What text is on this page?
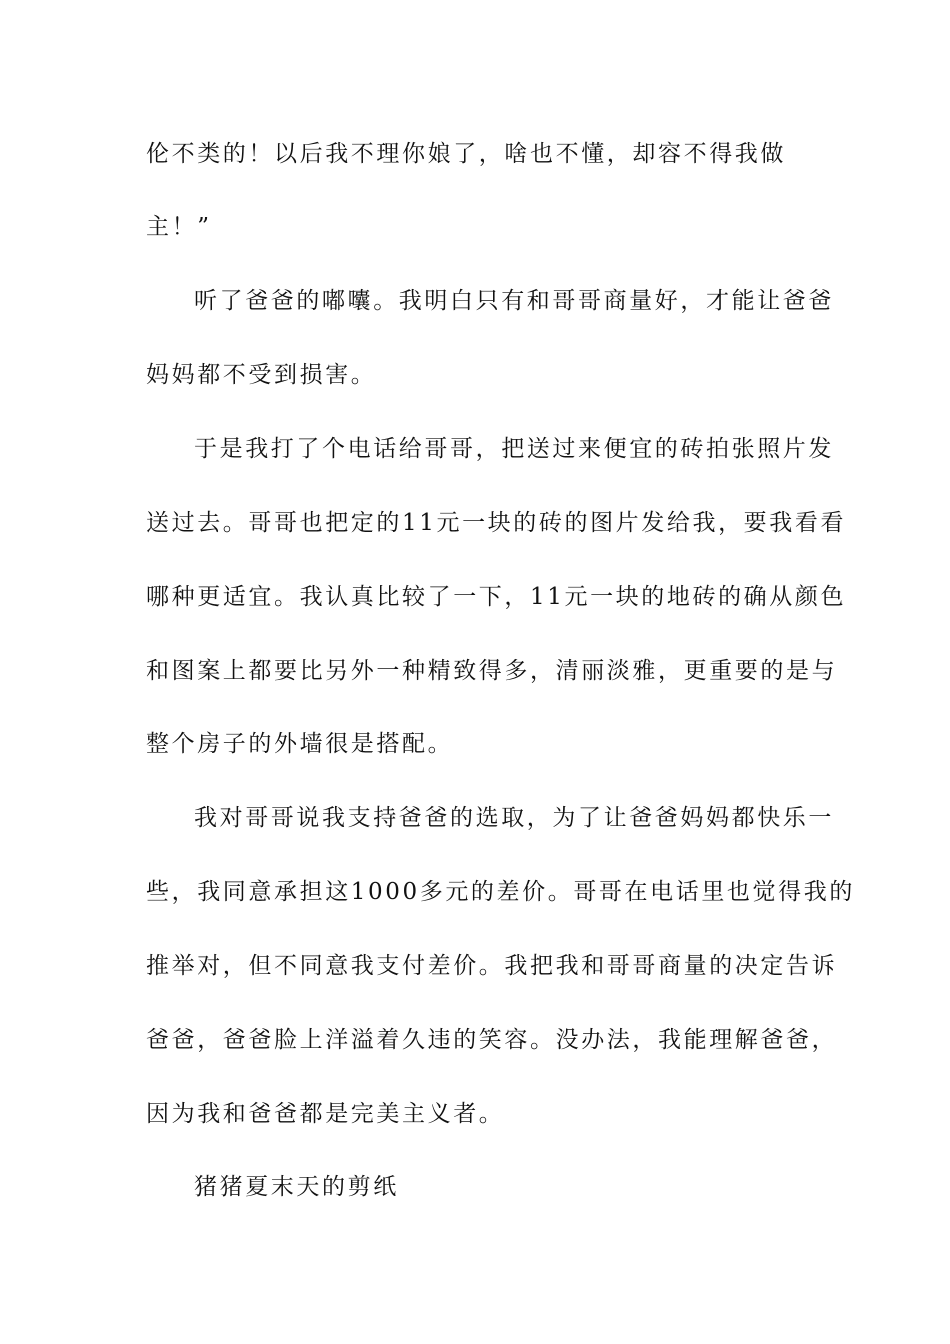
伦不类的！以后我不理你娘了，啥也不懂，却容不得我做
主！”
听了爸爸的嘟囔。我明白只有和哥哥商量好，才能让爸爸
妈妈都不受到损害。
于是我打了个电话给哥哥，把送过来便宜的砖拍张照片发
送过去。哥哥也把定的11元一块的砖的图片发给我，要我看看
哪种更适宜。我认真比较了一下，11元一块的地砖的确从颜色
和图案上都要比另外一种精致得多，清丽淡雅，更重要的是与
整个房子的外墙很是搭配。
我对哥哥说我支持爸爸的选取，为了让爸爸妈妈都快乐一
些，我同意承担这1000多元的差价。哥哥在电话里也觉得我的
推举对，但不同意我支付差价。我把我和哥哥商量的决定告诉
爸爸，爸爸脸上洋溢着久违的笑容。没办法，我能理解爸爸，
因为我和爸爸都是完美主义者。
猪猪夏末天的剪纸
